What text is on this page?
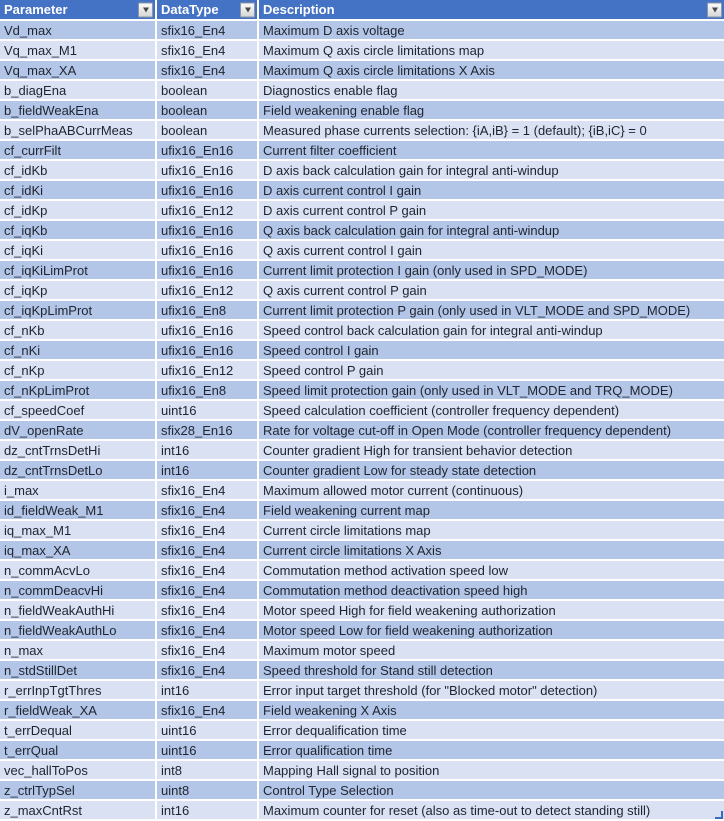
Parameter	DataType	Description
Vd_max	sfix16_En4	Maximum D axis voltage
Vq_max_M1	sfix16_En4	Maximum Q axis circle limitations map
Vq_max_XA	sfix16_En4	Maximum Q axis circle limitations X Axis
b_diagEna	boolean	Diagnostics enable flag
b_fieldWeakEna	boolean	Field weakening enable flag
b_selPhaABCurrMeas	boolean	Measured phase currents selection: {iA,iB} = 1 (default); {iB,iC} = 0
cf_currFilt	ufix16_En16	Current filter coefficient
cf_idKb	ufix16_En16	D axis back calculation gain for integral anti-windup
cf_idKi	ufix16_En16	D axis current control I gain
cf_idKp	ufix16_En12	D axis current control P gain
cf_iqKb	ufix16_En16	Q axis back calculation gain for integral anti-windup
cf_iqKi	ufix16_En16	Q axis current control I gain
cf_iqKiLimProt	ufix16_En16	Current limit protection I gain (only used in SPD_MODE)
cf_iqKp	ufix16_En12	Q axis current control P gain
cf_iqKpLimProt	ufix16_En8	Current limit protection P gain (only used in VLT_MODE and SPD_MODE)
cf_nKb	ufix16_En16	Speed control back calculation gain for integral anti-windup
cf_nKi	ufix16_En16	Speed control I gain
cf_nKp	ufix16_En12	Speed control P gain
cf_nKpLimProt	ufix16_En8	Speed limit protection gain (only used in VLT_MODE and TRQ_MODE)
cf_speedCoef	uint16	Speed calculation coefficient (controller frequency dependent)
dV_openRate	sfix28_En16	Rate for voltage cut-off in Open Mode (controller frequency dependent)
dz_cntTrnsDetHi	int16	Counter gradient High for transient behavior detection
dz_cntTrnsDetLo	int16	Counter gradient Low for steady state detection
i_max	sfix16_En4	Maximum allowed motor current (continuous)
id_fieldWeak_M1	sfix16_En4	Field weakening current map
iq_max_M1	sfix16_En4	Current circle limitations map
iq_max_XA	sfix16_En4	Current circle limitations X Axis
n_commAcvLo	sfix16_En4	Commutation method activation speed low
n_commDeacvHi	sfix16_En4	Commutation method deactivation speed high
n_fieldWeakAuthHi	sfix16_En4	Motor speed High for field weakening authorization
n_fieldWeakAuthLo	sfix16_En4	Motor speed Low for field weakening authorization
n_max	sfix16_En4	Maximum motor speed
n_stdStillDet	sfix16_En4	Speed threshold for Stand still detection
r_errInpTgtThres	int16	Error input target threshold (for "Blocked motor" detection)
r_fieldWeak_XA	sfix16_En4	Field weakening X Axis
t_errDequal	uint16	Error dequalification time
t_errQual	uint16	Error qualification time
vec_hallToPos	int8	Mapping Hall signal to position
z_ctrlTypSel	uint8	Control Type Selection
z_maxCntRst	int16	Maximum counter for reset (also as time-out to detect standing still)
